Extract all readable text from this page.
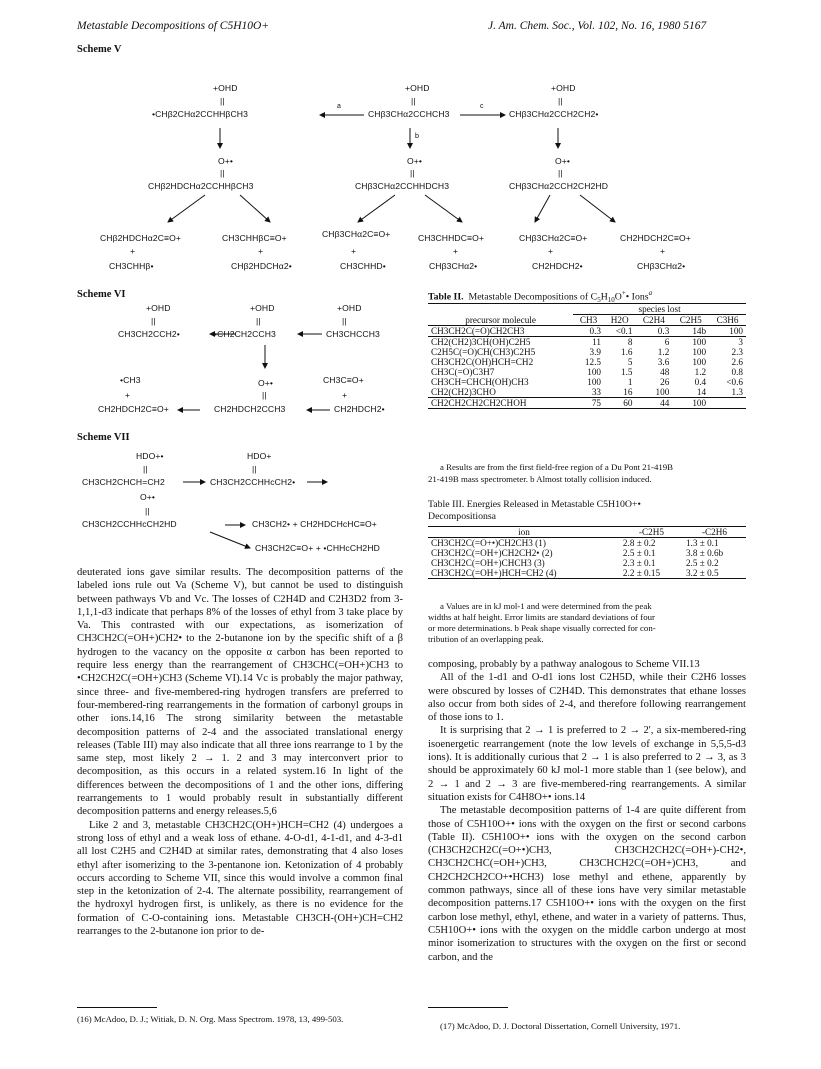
Metastable Decompositions of C5H10O+	J. Am. Chem. Soc., Vol. 102, No. 16, 1980 5167
Scheme V
+OHD	+OHD	+OHD
||	||	||
•CHβ2CHα2CCHHβCH3	CHβ3CHα2CCHCH3	CHβ3CHα2CCH2CH2•
a	c
b
O+•	O+•	O+•
||	||	||
CHβ2HDCHα2CCHHβCH3	CHβ3CHα2CCHHDCH3	CHβ3CHα2CCH2CH2HD
CHβ2HDCHα2C≡O+	CH3CHHβC≡O+	CHβ3CHα2C≡O+	CH3CHHDC≡O+	CHβ3CHα2C≡O+	CH2HDCH2C≡O+
+	+	+	+	+	+
CH3CHHβ•	CHβ2HDCHα2•	CH3CHHD•	CHβ3CHα2•	CH2HDCH2•	CHβ3CHα2•
Scheme VI
+OHD	+OHD	+OHD
||	||	||
CH3CH2CCH2•	•CH2CH2CCH3	CH3CHCCH3
•CH3	O+•	CH3C≡O+
+	||	+
CH2HDCH2C≡O+	CH2HDCH2CCH3	CH2HDCH2•
Scheme VII
HDO+•	HDO+
||	||
CH3CH2CHCH=CH2	CH3CH2CCHHcCH2•
O+•
||
CH3CH2CCHHcCH2HD	CH3CH2• + CH2HDCHcHC≡O+
CH3CH2C≡O+ + •CHHcCH2HD
Table II.  Metastable Decompositions of $C_5H_{10}O^+•$ Ions$^a$
	species lost				
precursor molecule	CH3	H2O	C2H4	C2H5	C3H6
CH3CH2C(=O)CH2CH3	0.3	<0.1	0.3	14b	100
CH2(CH2)3CH(OH)C2H5	11	8	6	100	3
C2H5C(=O)CH(CH3)C2H5	3.9	1.6	1.2	100	2.3
CH3CH2C(OH)HCH=CH2	12.5	5	3.6	100	2.6
CH3C(=O)C3H7	100	1.5	48	1.2	0.8
CH3CH=CHCH(OH)CH3	100	1	26	0.4	<0.6
CH2(CH2)3CHO	33	16	100	14	1.3
CH2CH2CH2CH2CHOH	75	60	44	100	
a Results are from the first field-free region of a Du Pont 21-419B
21-419B mass spectrometer. b Almost totally collision induced.
Table III. Energies Released in Metastable C5H10O+•
Decompositionsa
ion	-C2H5	-C2H6
CH3CH2C(=O+•)CH2CH3 (1)	2.8 ± 0.2	1.3 ± 0.1
CH3CH2C(=OH+)CH2CH2• (2)	2.5 ± 0.1	3.8 ± 0.6b
CH3CH2C(=OH+)CHCH3 (3)	2.3 ± 0.1	2.5 ± 0.2
CH3CH2C(=OH+)HCH=CH2 (4)	2.2 ± 0.15	3.2 ± 0.5
a Values are in kJ mol-1 and were determined from the peak
widths at half height. Error limits are standard deviations of four
or more determinations. b Peak shape visually corrected for con-
tribution of an overlapping peak.

deuterated ions gave similar results. The decomposition patterns of the labeled ions rule out Va (Scheme V), but cannot be used to distinguish between pathways Vb and Vc. The losses of C2H4D and C2H3D2 from 3-1,1,1-d3 indicate that perhaps 8% of the losses of ethyl from 3 take place by Va. This contrasted with our expectations, as isomerization of CH3CH2C(=OH+)CH2• to the 2-butanone ion by the specific shift of a β hydrogen to the vacancy on the opposite α carbon has been reported to require less energy than the rearrangement of CH3CHC(=OH+)CH3 to •CH2CH2C(=OH+)CH3 (Scheme VI).14 Vc is probably the major pathway, since three- and five-membered-ring hydrogen transfers are preferred to four-membered-ring rearrangements in the formation of carbonyl groups in other ions.14,16 The strong similarity between the metastable decomposition patterns of 2-4 and the associated translational energy releases (Table III) may also indicate that all three ions rearrange to 1 by the same step, most likely 2 → 1. 2 and 3 may interconvert prior to decomposition, as this occurs in a related system.16 In light of the differences between the decompositions of 1 and the other ions, differing rearrangements to 1 would probably result in substantially different decomposition patterns and energy releases.5,6

Like 2 and 3, metastable CH3CH2C(OH+)HCH=CH2 (4) undergoes a strong loss of ethyl and a weak loss of ethane. 4-O-d1, 4-1-d1, and 4-3-d1 all lost C2H5 and C2H4D at similar rates, demonstrating that 4 also loses ethyl after isomerizing to the 3-pentanone ion. Ketonization of 4 probably occurs according to Scheme VII, since this would involve a common final step in the ketonization of 2-4. The alternate possibility, rearrangement of the hydroxyl hydrogen first, is unlikely, as there is no evidence for the formation of C-O-containing ions. Metastable CH3CH-(OH+)CH=CH2 rearranges to the 2-butanone ion prior to de-

composing, probably by a pathway analogous to Scheme VII.13

All of the 1-d1 and O-d1 ions lost C2H5D, while their C2H6 losses were obscured by losses of C2H4D. This demonstrates that ethane losses also occur from both sides of 2-4, and therefore following rearrangement of those ions to 1.

It is surprising that 2 → 1 is preferred to 2 → 2', a six-membered-ring isoenergetic rearrangement (note the low levels of exchange in 5,5,5-d3 ions). It is additionally curious that 2 → 1 is also preferred to 2 → 3, as 3 should be approximately 60 kJ mol-1 more stable than 1 (see below), and 2 → 1 and 2 → 3 are five-membered-ring rearrangements. A similar situation exists for C4H8O+• ions.14

The metastable decomposition patterns of 1-4 are quite different from those of C5H10O+• ions with the oxygen on the first or second carbons (Table II). C5H10O+• ions with the oxygen on the second carbon (CH3CH2CH2C(=O+•)CH3, CH3CH2CH2C(=OH+)-CH2•, CH3CH2CHC(=OH+)CH3, CH3CHCH2C(=OH+)CH3, and CH2CH2CH2CO+•HCH3) lose methyl and ethene, apparently by common pathways, since all of these ions have very similar metastable decomposition patterns.17 C5H10O+• ions with the oxygen on the first carbon lose methyl, ethyl, ethene, and water in a variety of patterns. Thus, C5H10O+• ions with the oxygen on the middle carbon undergo at most minor isomerization to structures with the oxygen on the first or second carbon, and the

(16) McAdoo, D. J.; Witiak, D. N. Org. Mass Spectrom. 1978, 13, 499-503.
(17) McAdoo, D. J. Doctoral Dissertation, Cornell University, 1971.
